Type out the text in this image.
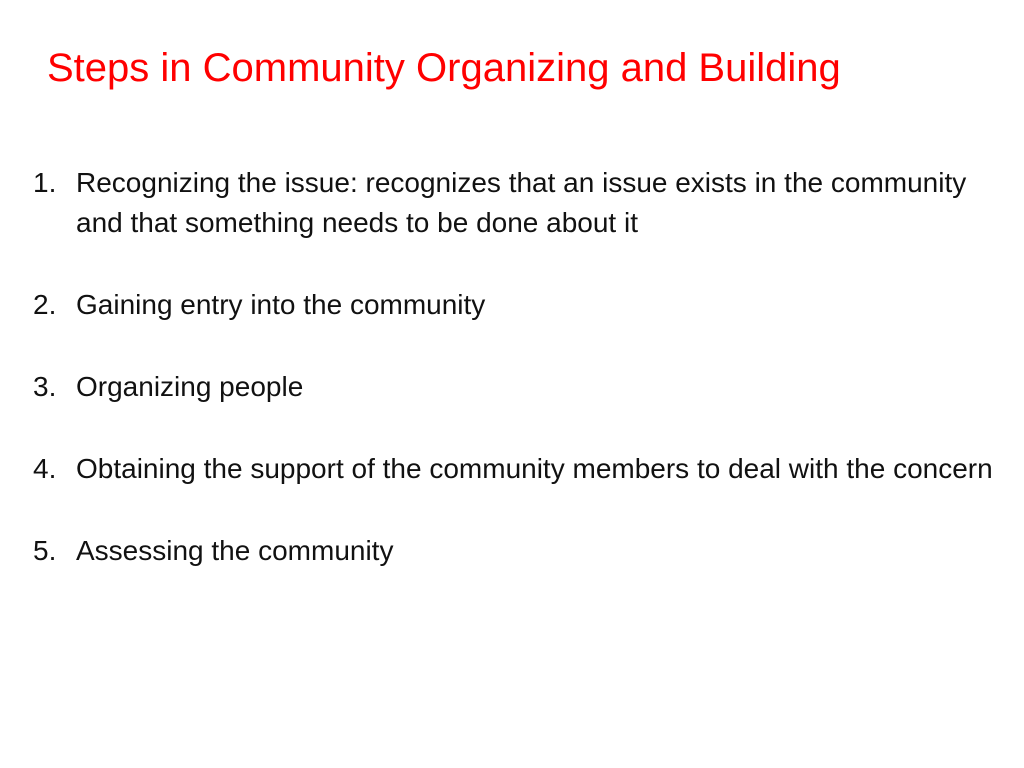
Steps in Community Organizing and Building
1. Recognizing the issue: recognizes that an issue exists in the community and that something needs to be done about it
2. Gaining entry into the community
3. Organizing people
4. Obtaining the support of the community members to deal with the concern
5. Assessing the community
